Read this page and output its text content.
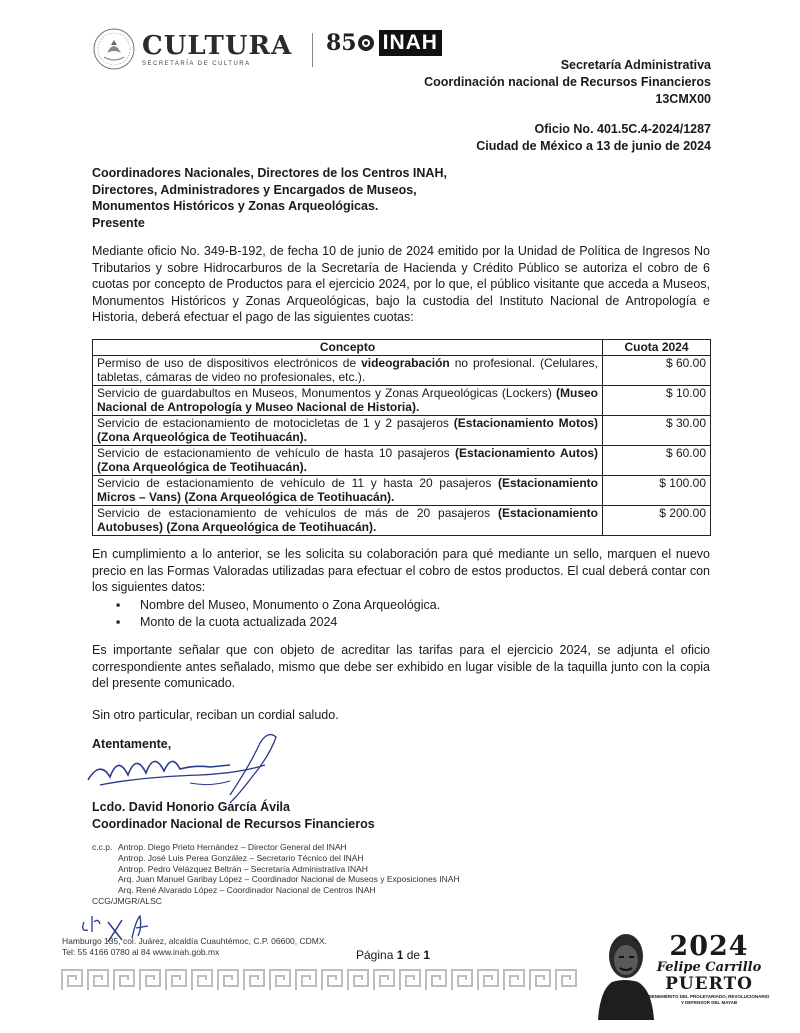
CULTURA
SECRETARÍA DE CULTURA
85 INAH
Secretaría Administrativa
Coordinación nacional de Recursos Financieros
13CMX00
Oficio No. 401.5C.4-2024/1287
Ciudad de México a 13 de junio de 2024
Coordinadores Nacionales, Directores de los Centros INAH,
Directores, Administradores y Encargados de Museos,
Monumentos Históricos y Zonas Arqueológicas.
Presente

Mediante oficio No. 349-B-192, de fecha 10 de junio de 2024 emitido por la Unidad de Política de Ingresos No Tributarios y sobre Hidrocarburos de la Secretaría de Hacienda y Crédito Público se autoriza el cobro de 6 cuotas por concepto de Productos para el ejercicio 2024, por lo que, el público visitante que acceda a Museos, Monumentos Históricos y Zonas Arqueológicas, bajo la custodia del Instituto Nacional de Antropología e Historia, deberá efectuar el pago de las siguientes cuotas:

Concepto	Cuota 2024
Permiso de uso de dispositivos electrónicos de videograbación no profesional. (Celulares, tabletas, cámaras de video no profesionales, etc.).	$ 60.00
Servicio de guardabultos en Museos, Monumentos y Zonas Arqueológicas (Lockers) (Museo Nacional de Antropología y Museo Nacional de Historia).	$ 10.00
Servicio de estacionamiento de motocicletas de 1 y 2 pasajeros (Estacionamiento Motos) (Zona Arqueológica de Teotihuacán).	$ 30.00
Servicio de estacionamiento de vehículo de hasta 10 pasajeros (Estacionamiento Autos) (Zona Arqueológica de Teotihuacán).	$ 60.00
Servicio de estacionamiento de vehículo de 11 y hasta 20 pasajeros (Estacionamiento Micros – Vans) (Zona Arqueológica de Teotihuacán).	$ 100.00
Servicio de estacionamiento de vehículos de más de 20 pasajeros (Estacionamiento Autobuses) (Zona Arqueológica de Teotihuacán).	$ 200.00

En cumplimiento a lo anterior, se les solicita su colaboración para qué mediante un sello, marquen el nuevo precio en las Formas Valoradas utilizadas para efectuar el cobro de estos productos. El cual deberá contar con los siguientes datos:

▪ Nombre del Museo, Monumento o Zona Arqueológica.
▪ Monto de la cuota actualizada 2024

Es importante señalar que con objeto de acreditar las tarifas para el ejercicio 2024, se adjunta el oficio correspondiente antes señalado, mismo que debe ser exhibido en lugar visible de la taquilla junto con la copia del presente comunicado.

Sin otro particular, reciban un cordial saludo.

Atentamente,
Lcdo. David Honorio García Ávila
Coordinador Nacional de Recursos Financieros
c.c.p. Antrop. Diego Prieto Hernández – Director General del INAH
Antrop. José Luis Perea González – Secretario Técnico del INAH
Antrop. Pedro Velázquez Beltrán – Secretaría Administrativa INAH
Arq. Juan Manuel Garibay López – Coordinador Nacional de Museos y Exposiciones INAH
Arq. René Alvarado López – Coordinador Nacional de Centros INAH
CCG/JMGR/ALSC
Hamburgo 135, col. Juárez, alcaldía Cuauhtémoc, C.P. 06600, CDMX.
Tel: 55 4166 0780 al 84 www.inah.gob.mx	Página 1 de 1	2024
Felipe Carrillo
PUERTO
BENEMÉRITO DEL PROLETARIADO, REVOLUCIONARIO Y DEFENSOR DEL MAYAB
